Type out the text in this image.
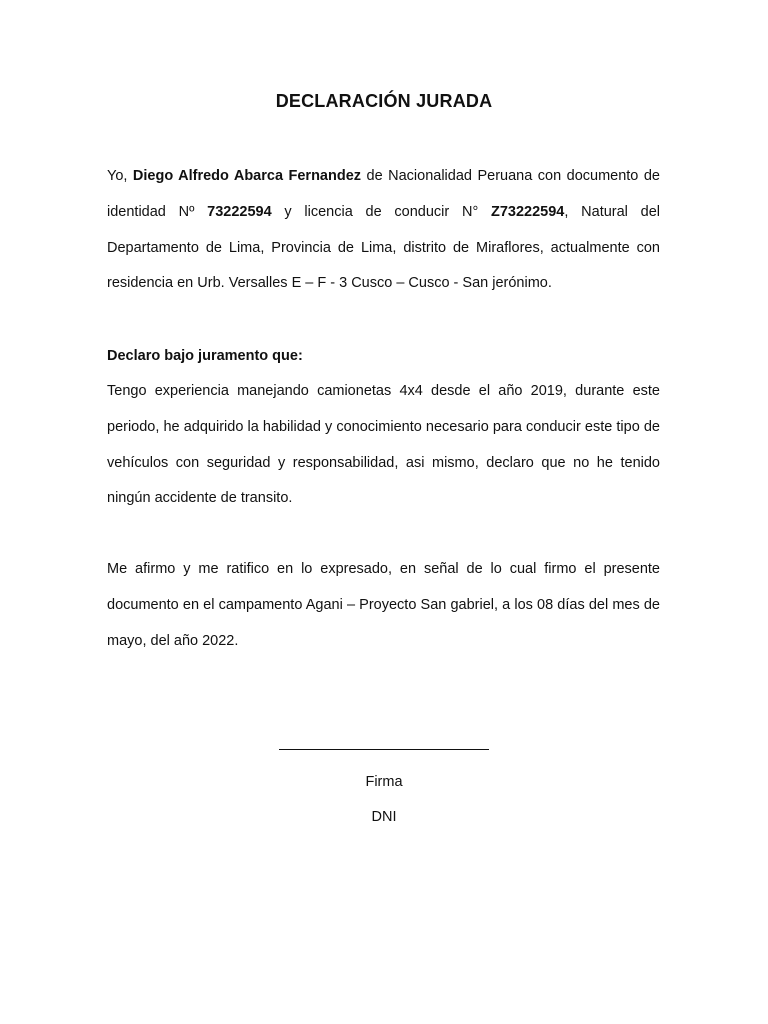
DECLARACIÓN JURADA

Yo, Diego Alfredo Abarca Fernandez de Nacionalidad Peruana con documento de identidad Nº 73222594 y licencia de conducir N° Z73222594, Natural del Departamento de Lima, Provincia de Lima, distrito de Miraflores, actualmente con residencia en Urb. Versalles E – F - 3 Cusco – Cusco - San jerónimo.

Declaro bajo juramento que:

Tengo experiencia manejando camionetas 4x4 desde el año 2019, durante este periodo, he adquirido la habilidad y conocimiento necesario para conducir este tipo de vehículos con seguridad y responsabilidad, asi mismo, declaro que no he tenido ningún accidente de transito.

Me afirmo y me ratifico en lo expresado, en señal de lo cual firmo el presente documento en el campamento Agani – Proyecto San gabriel, a los 08 días del mes de mayo, del año 2022.

Firma
DNI
